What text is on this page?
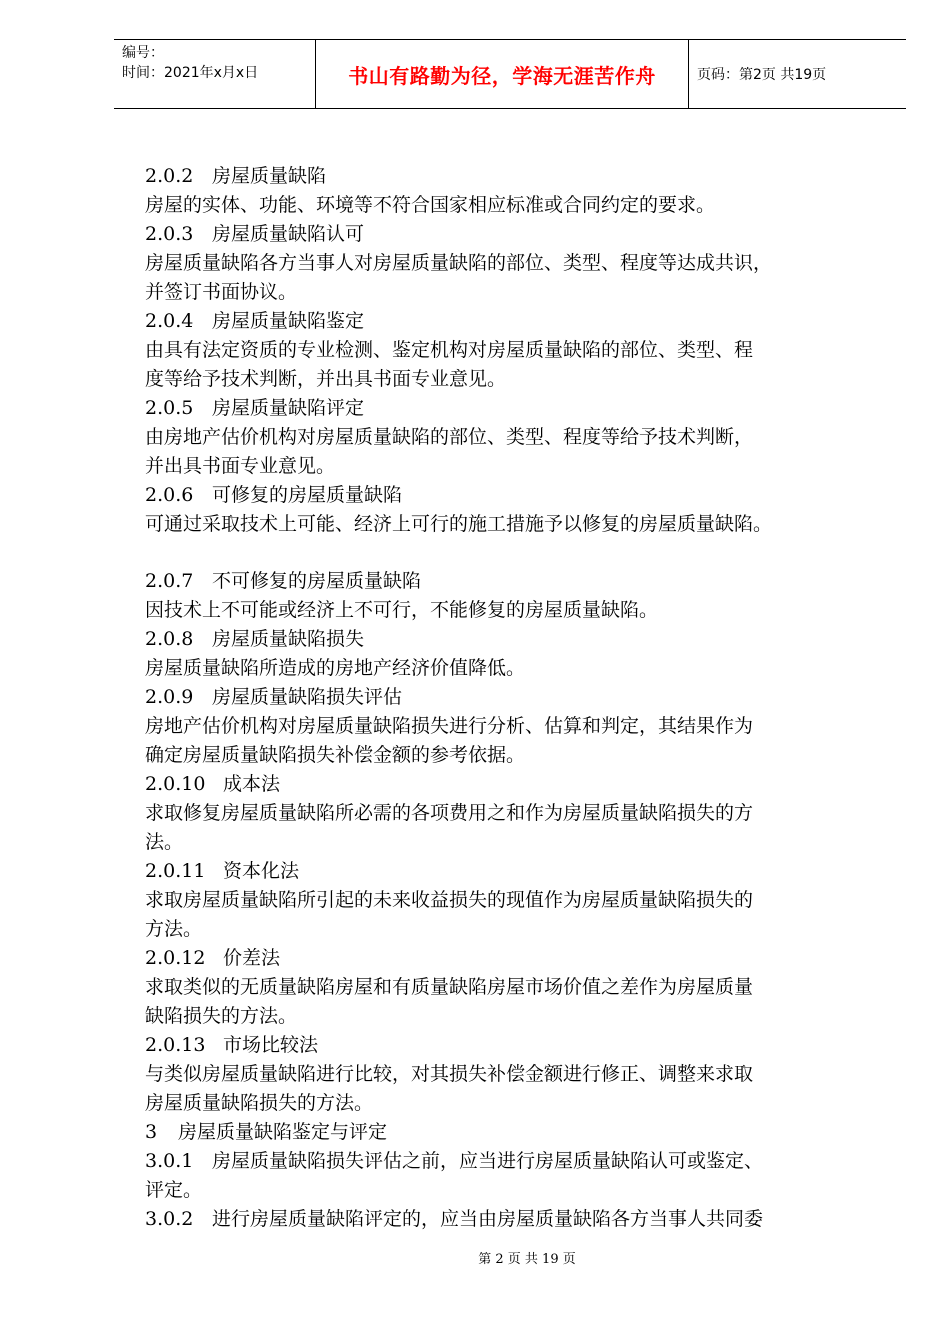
编号：
时间：2021年x月x日	书山有路勤为径，学海无涯苦作舟	页码：第2页 共19页
2.0.2 房屋质量缺陷
房屋的实体、功能、环境等不符合国家相应标准或合同约定的要求。
2.0.3 房屋质量缺陷认可
房屋质量缺陷各方当事人对房屋质量缺陷的部位、类型、程度等达成共识，
并签订书面协议。
2.0.4 房屋质量缺陷鉴定
由具有法定资质的专业检测、鉴定机构对房屋质量缺陷的部位、类型、程
度等给予技术判断，并出具书面专业意见。
2.0.5 房屋质量缺陷评定
由房地产估价机构对房屋质量缺陷的部位、类型、程度等给予技术判断，
并出具书面专业意见。
2.0.6 可修复的房屋质量缺陷
可通过采取技术上可能、经济上可行的施工措施予以修复的房屋质量缺陷。
2.0.7 不可修复的房屋质量缺陷
因技术上不可能或经济上不可行，不能修复的房屋质量缺陷。
2.0.8 房屋质量缺陷损失
房屋质量缺陷所造成的房地产经济价值降低。
2.0.9 房屋质量缺陷损失评估
房地产估价机构对房屋质量缺陷损失进行分析、估算和判定，其结果作为
确定房屋质量缺陷损失补偿金额的参考依据。
2.0.10 成本法
求取修复房屋质量缺陷所必需的各项费用之和作为房屋质量缺陷损失的方
法。
2.0.11 资本化法
求取房屋质量缺陷所引起的未来收益损失的现值作为房屋质量缺陷损失的
方法。
2.0.12 价差法
求取类似的无质量缺陷房屋和有质量缺陷房屋市场价值之差作为房屋质量
缺陷损失的方法。
2.0.13 市场比较法
与类似房屋质量缺陷进行比较，对其损失补偿金额进行修正、调整来求取
房屋质量缺陷损失的方法。
3 房屋质量缺陷鉴定与评定
3.0.1 房屋质量缺陷损失评估之前，应当进行房屋质量缺陷认可或鉴定、
评定。
3.0.2 进行房屋质量缺陷评定的，应当由房屋质量缺陷各方当事人共同委
第 2 页 共 19 页
